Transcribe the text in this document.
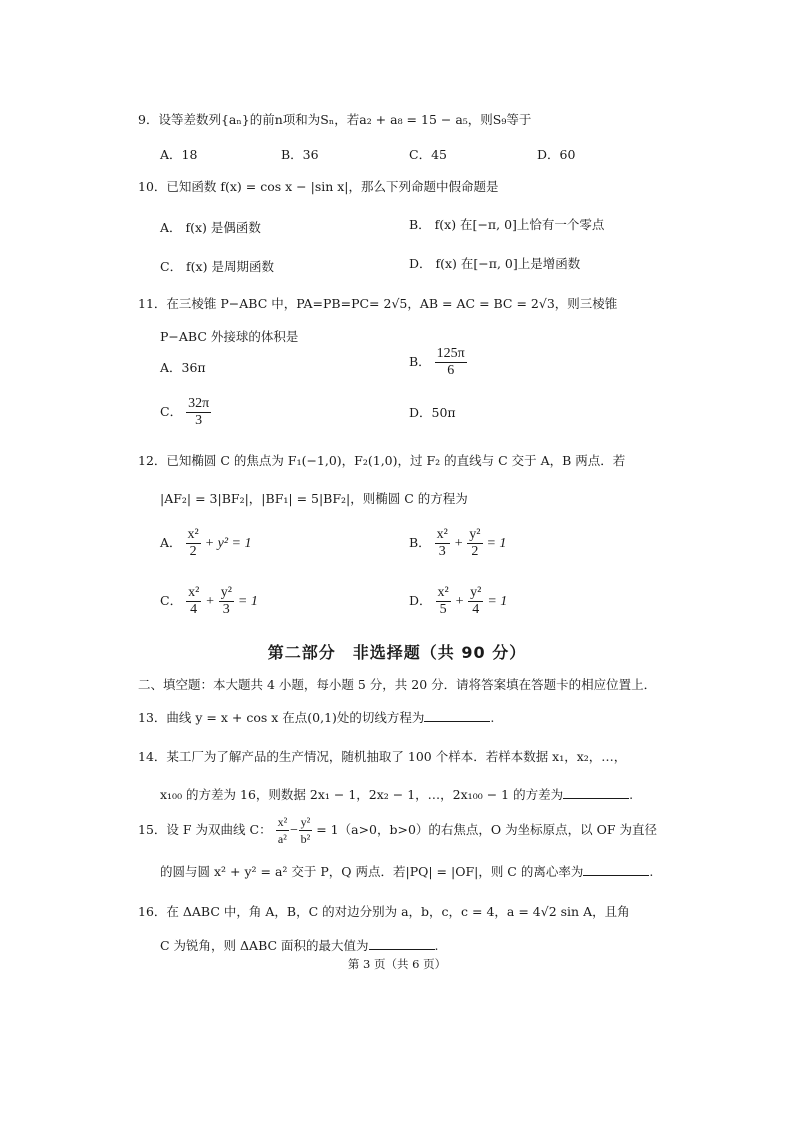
9．设等差数列{aₙ}的前n项和为Sₙ，若a₂ + a₈ = 15 − a₅，则S₉等于
A．18	B．36	C．45	D．60
10．已知函数 f(x) = cos x − |sin x|，那么下列命题中假命题是
A． f(x) 是偶函数	B． f(x) 在[−π, 0]上恰有一个零点
C． f(x) 是周期函数	D． f(x) 在[−π, 0]上是增函数
11．在三棱锥 P−ABC 中，PA=PB=PC= 2√5，AB = AC = BC = 2√3，则三棱锥
P−ABC 外接球的体积是
A．36π	B． $\frac{125\pi}{6}$
C． $\frac{32\pi}{3}$	D．50π
12．已知椭圆 C 的焦点为 F₁(−1,0)，F₂(1,0)，过 F₂ 的直线与 C 交于 A，B 两点．若
|AF₂| = 3|BF₂|，|BF₁| = 5|BF₂|，则椭圆 C 的方程为
A． $\frac{\text{x²}}{2} + y^2 = 1$	B． $\frac{\text{x²}}{3} + \frac{\text{y²}}{2} = 1$
C． $\frac{\text{x²}}{4} + \frac{\text{y²}}{3} = 1$	D． $\frac{\text{x²}}{5} + \frac{\text{y²}}{4} = 1$
第二部分　非选择题（共 90 分）
二、填空题：本大题共 4 小题，每小题 5 分，共 20 分．请将答案填在答题卡的相应位置上．
13．曲线 y = x + cos x 在点(0,1)处的切线方程为	.
14．某工厂为了解产品的生产情况，随机抽取了 100 个样本．若样本数据 x₁，x₂，…，
x₁₀₀ 的方差为 16，则数据 2x₁ − 1，2x₂ − 1，…，2x₁₀₀ − 1 的方差为	.
15．设 F 为双曲线 C： $\frac{\text{x²}}{\text{a²}} - \frac{\text{y²}}{\text{b²}} = 1(a>0$，b>0）的右焦点，O 为坐标原点，以 OF 为直径
的圆与圆 x² + y² = a² 交于 P，Q 两点．若|PQ| = |OF|，则 C 的离心率为	.
16．在 ΔABC 中，角 A，B，C 的对边分别为 a，b，c，c = 4，a = 4√2 sin A，且角
C 为锐角，则 ΔABC 面积的最大值为	.
第 3 页（共 6 页）
